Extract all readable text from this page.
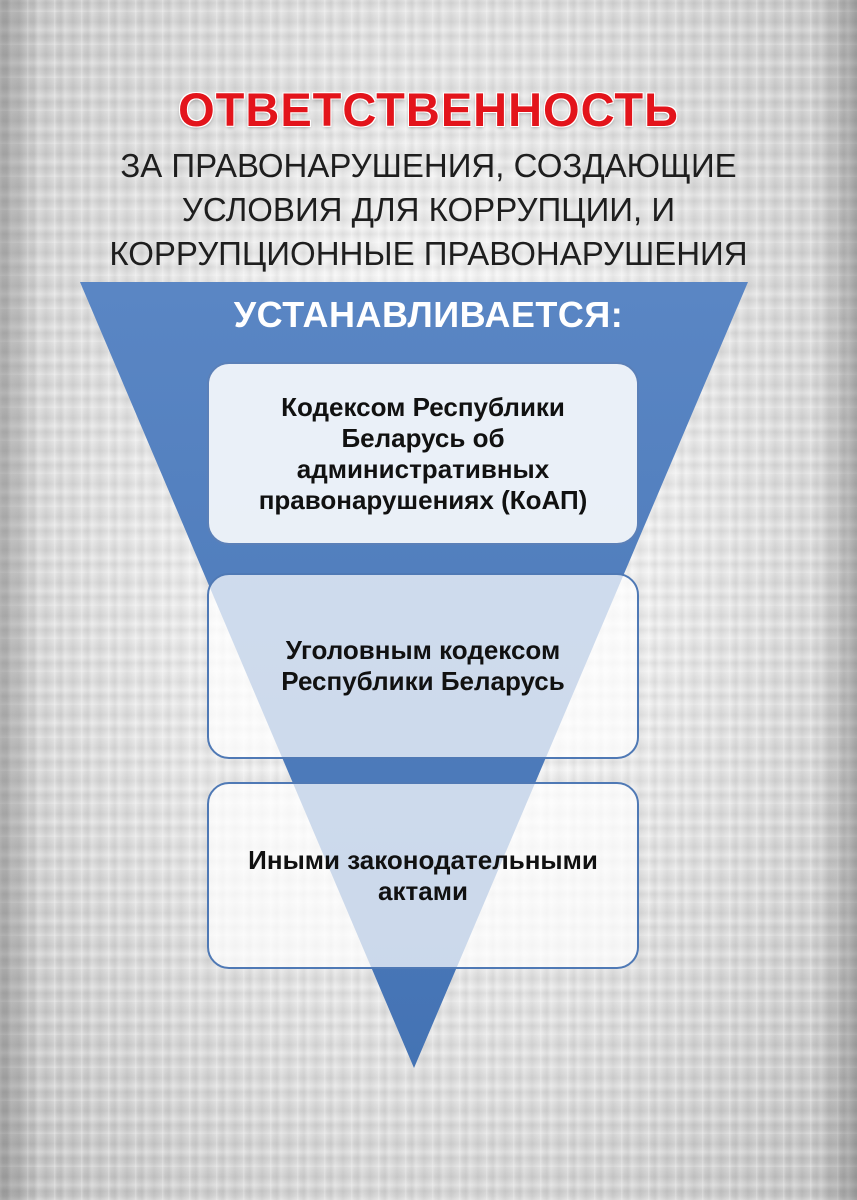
ОТВЕТСТВЕННОСТЬ
ЗА ПРАВОНАРУШЕНИЯ, СОЗДАЮЩИЕ
УСЛОВИЯ ДЛЯ КОРРУПЦИИ, И
КОРРУПЦИОННЫЕ ПРАВОНАРУШЕНИЯ
УСТАНАВЛИВАЕТСЯ:
Кодексом Республики Беларусь об административных правонарушениях (КоАП)
Уголовным кодексом Республики Беларусь
Иными законодательными актами
